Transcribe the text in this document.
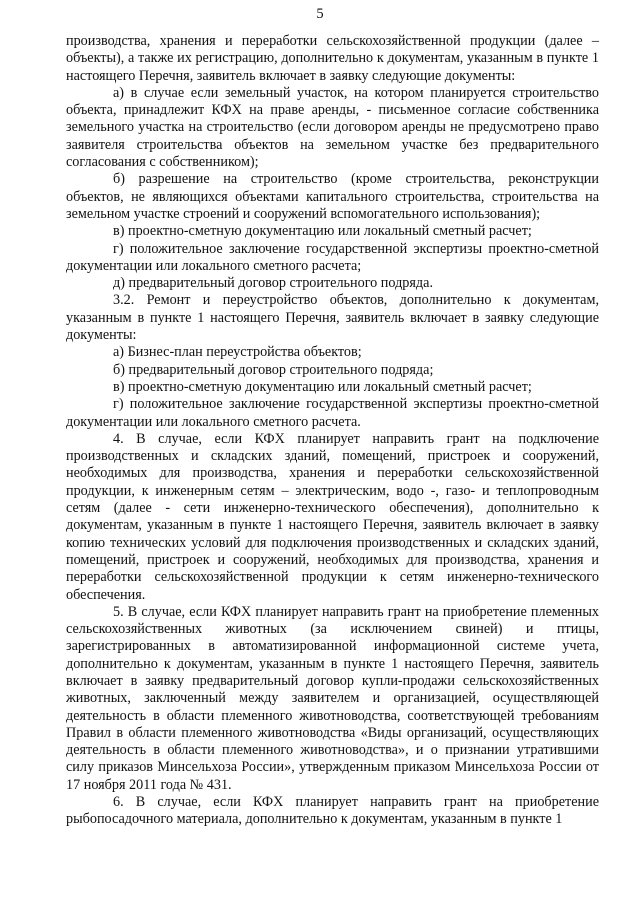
5

производства, хранения и переработки сельскохозяйственной продукции (далее – объекты), а также их регистрацию, дополнительно к документам, указанным в пункте 1 настоящего Перечня, заявитель включает в заявку следующие документы:

а) в случае если земельный участок, на котором планируется строительство объекта, принадлежит КФХ на праве аренды, - письменное согласие собственника земельного участка на строительство (если договором аренды не предусмотрено право заявителя строительства объектов на земельном участке без предварительного согласования с собственником);

б) разрешение на строительство (кроме строительства, реконструкции объектов, не являющихся объектами капитального строительства, строительства на земельном участке строений и сооружений вспомогательного использования);

в) проектно-сметную документацию или локальный сметный расчет;

г) положительное заключение государственной экспертизы проектно-сметной документации или локального сметного расчета;

д) предварительный договор строительного подряда.

3.2. Ремонт и переустройство объектов, дополнительно к документам, указанным в пункте 1 настоящего Перечня, заявитель включает в заявку следующие документы:

а) Бизнес-план переустройства объектов;

б) предварительный договор строительного подряда;

в) проектно-сметную документацию или локальный сметный расчет;

г) положительное заключение государственной экспертизы проектно-сметной документации или локального сметного расчета.

4. В случае, если КФХ планирует направить грант на подключение производственных и складских зданий, помещений, пристроек и сооружений, необходимых для производства, хранения и переработки сельскохозяйственной продукции, к инженерным сетям – электрическим, водо -, газо- и теплопроводным сетям (далее - сети инженерно-технического обеспечения), дополнительно к документам, указанным в пункте 1 настоящего Перечня, заявитель включает в заявку копию технических условий для подключения производственных и складских зданий, помещений, пристроек и сооружений, необходимых для производства, хранения и переработки сельскохозяйственной продукции к сетям инженерно-технического обеспечения.

5. В случае, если КФХ планирует направить грант на приобретение племенных сельскохозяйственных животных (за исключением свиней) и птицы, зарегистрированных в автоматизированной информационной системе учета, дополнительно к документам, указанным в пункте 1 настоящего Перечня, заявитель включает в заявку предварительный договор купли-продажи сельскохозяйственных животных, заключенный между заявителем и организацией, осуществляющей деятельность в области племенного животноводства, соответствующей требованиям Правил в области племенного животноводства «Виды организаций, осуществляющих деятельность в области племенного животноводства», и о признании утратившими силу приказов Минсельхоза России», утвержденным приказом Минсельхоза России от 17 ноября 2011 года № 431.

6. В случае, если КФХ планирует направить грант на приобретение рыбопосадочного материала, дополнительно к документам, указанным в пункте 1
